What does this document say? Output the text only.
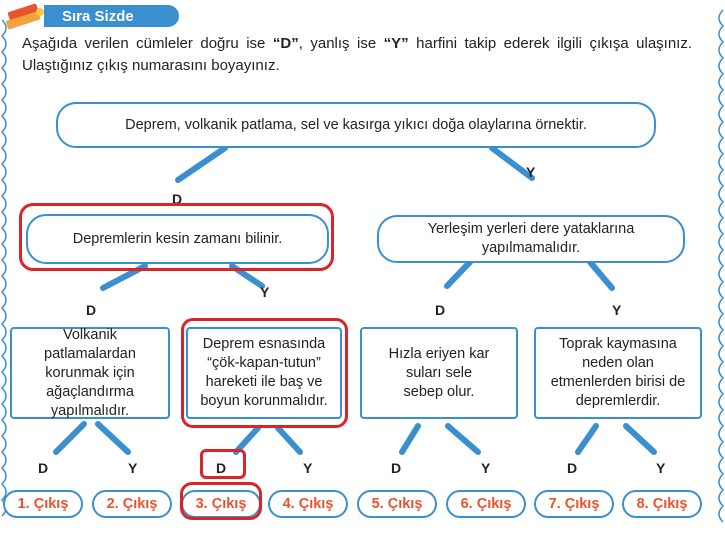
Sıra Sizde
Aşağıda verilen cümleler doğru ise “D”, yanlış ise “Y” harfini takip ederek ilgili çıkışa ulaşınız. Ulaştığınız çıkış numarasını boyayınız.
Deprem, volkanik patlama, sel ve kasırga yıkıcı doğa olaylarına örnektir.
D
Y
Depremlerin kesin zamanı bilinir.
Yerleşim yerleri dere yataklarına yapılmamalıdır.
D
Y
D	Y
Volkanik patlamalardan korunmak için ağaçlandırma yapılmalıdır.
Deprem esnasında “çök-kapan-tutun” hareketi ile baş ve boyun korunmalıdır.
Hızla eriyen kar suları sele sebep olur.
Toprak kaymasına neden olan etmenlerden birisi de depremlerdir.
D	Y	D	Y	D	Y	D	Y
1. Çıkış	2. Çıkış	3. Çıkış	4. Çıkış	5. Çıkış	6. Çıkış	7. Çıkış	8. Çıkış
